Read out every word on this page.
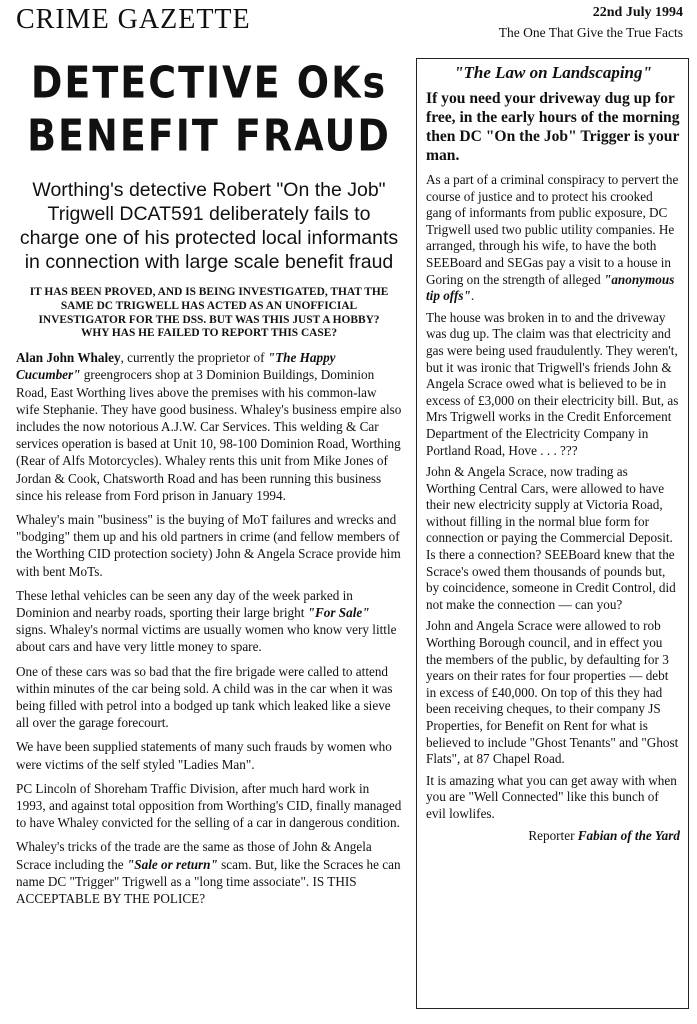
CRIME GAZETTE	22nd July 1994
The One That Give the True Facts
DETECTIVE OKs
BENEFIT FRAUD
Worthing's detective Robert "On the Job" Trigwell DCAT591 deliberately fails to charge one of his protected local informants in connection with large scale benefit fraud
IT HAS BEEN PROVED, AND IS BEING INVESTIGATED, THAT THE SAME DC TRIGWELL HAS ACTED AS AN UNOFFICIAL INVESTIGATOR FOR THE DSS. BUT WAS THIS JUST A HOBBY? WHY HAS HE FAILED TO REPORT THIS CASE?

Alan John Whaley, currently the proprietor of "The Happy Cucumber" greengrocers shop at 3 Dominion Buildings, Dominion Road, East Worthing lives above the premises with his common-law wife Stephanie. They have good business. Whaley's business empire also includes the now notorious A.J.W. Car Services. This welding & Car services operation is based at Unit 10, 98-100 Dominion Road, Worthing (Rear of Alfs Motorcycles). Whaley rents this unit from Mike Jones of Jordan & Cook, Chatsworth Road and has been running this business since his release from Ford prison in January 1994.

Whaley's main "business" is the buying of MoT failures and wrecks and "bodging" them up and his old partners in crime (and fellow members of the Worthing CID protection society) John & Angela Scrace provide him with bent MoTs.

These lethal vehicles can be seen any day of the week parked in Dominion and nearby roads, sporting their large bright "For Sale" signs. Whaley's normal victims are usually women who know very little about cars and have very little money to spare.

One of these cars was so bad that the fire brigade were called to attend within minutes of the car being sold. A child was in the car when it was being filled with petrol into a bodged up tank which leaked like a sieve all over the garage forecourt.

We have been supplied statements of many such frauds by women who were victims of the self styled "Ladies Man".

PC Lincoln of Shoreham Traffic Division, after much hard work in 1993, and against total opposition from Worthing's CID, finally managed to have Whaley convicted for the selling of a car in dangerous condition.

Whaley's tricks of the trade are the same as those of John & Angela Scrace including the "Sale or return" scam. But, like the Scraces he can name DC "Trigger" Trigwell as a "long time associate". IS THIS ACCEPTABLE BY THE POLICE?

"The Law on Landscaping"
If you need your driveway dug up for free, in the early hours of the morning then DC "On the Job" Trigger is your man.

As a part of a criminal conspiracy to pervert the course of justice and to protect his crooked gang of informants from public exposure, DC Trigwell used two public utility companies. He arranged, through his wife, to have the both SEEBoard and SEGas pay a visit to a house in Goring on the strength of alleged "anonymous tip offs".

The house was broken in to and the driveway was dug up. The claim was that electricity and gas were being used fraudulently. They weren't, but it was ironic that Trigwell's friends John & Angela Scrace owed what is believed to be in excess of £3,000 on their electricity bill. But, as Mrs Trigwell works in the Credit Enforcement Department of the Electricity Company in Portland Road, Hove . . . ???

John & Angela Scrace, now trading as Worthing Central Cars, were allowed to have their new electricity supply at Victoria Road, without filling in the normal blue form for connection or paying the Commercial Deposit. Is there a connection? SEEBoard knew that the Scrace's owed them thousands of pounds but, by coincidence, someone in Credit Control, did not make the connection — can you?

John and Angela Scrace were allowed to rob Worthing Borough council, and in effect you the members of the public, by defaulting for 3 years on their rates for four properties — debt in excess of £40,000. On top of this they had been receiving cheques, to their company JS Properties, for Benefit on Rent for what is believed to include "Ghost Tenants" and "Ghost Flats", at 87 Chapel Road.

It is amazing what you can get away with when you are "Well Connected" like this bunch of evil lowlifes.

Reporter Fabian of the Yard
